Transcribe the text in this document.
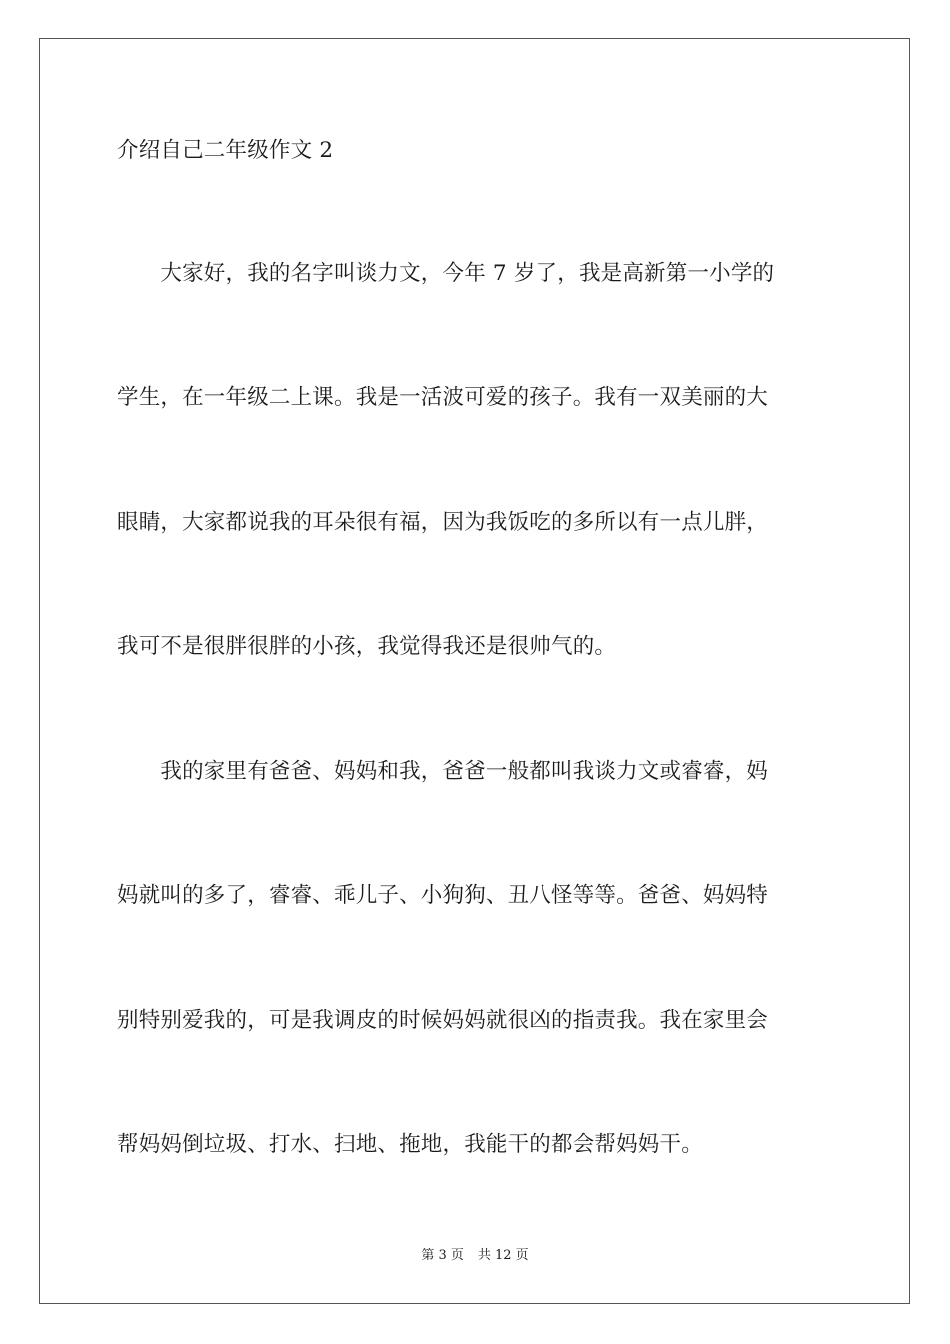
介绍自己二年级作文 2
　　大家好，我的名字叫谈力文，今年 7 岁了，我是高新第一小学的
学生，在一年级二上课。我是一活波可爱的孩子。我有一双美丽的大
眼睛，大家都说我的耳朵很有福，因为我饭吃的多所以有一点儿胖，
我可不是很胖很胖的小孩，我觉得我还是很帅气的。
　　我的家里有爸爸、妈妈和我，爸爸一般都叫我谈力文或睿睿，妈
妈就叫的多了，睿睿、乖儿子、小狗狗、丑八怪等等。爸爸、妈妈特
别特别爱我的，可是我调皮的时候妈妈就很凶的指责我。我在家里会
帮妈妈倒垃圾、打水、扫地、拖地，我能干的都会帮妈妈干。
第 3 页 共 12 页
